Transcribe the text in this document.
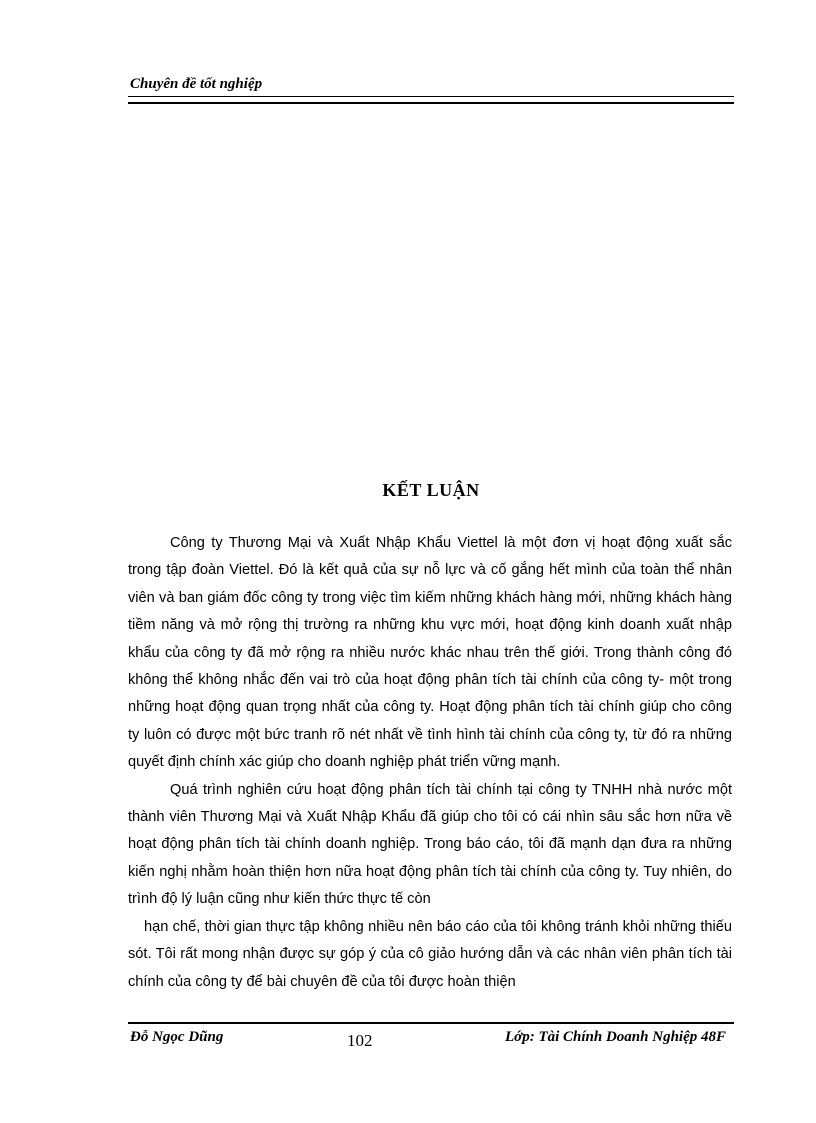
Chuyên đề tốt nghiệp
KẾT LUẬN

Công ty Thương Mại và Xuất Nhập Khẩu Viettel là một đơn vị hoạt động xuất sắc trong tập đoàn Viettel. Đó là kết quả của sự nỗ lực và cố gắng hết mình của toàn thể nhân viên và ban giám đốc công ty trong việc tìm kiếm những khách hàng mới, những khách hàng tiềm năng và mở rộng thị trường ra những khu vực mới, hoạt động kinh doanh xuất nhập khẩu của công ty đã mở rộng ra nhiều nước khác nhau trên thế giới. Trong thành công đó không thể không nhắc đến vai trò của hoạt động phân tích tài chính của công ty- một trong những hoạt động quan trọng nhất của công ty. Hoạt động phân tích tài chính giúp cho công ty luôn có được một bức tranh rõ nét nhất về tình hình tài chính của công ty, từ đó ra những quyết định chính xác giúp cho doanh nghiệp phát triển vững mạnh.

Quá trình nghiên cứu hoạt động phân tích tài chính tại công ty TNHH nhà nước một thành viên Thương Mại và Xuất Nhập Khẩu đã giúp cho tôi có cái nhìn sâu sắc hơn nữa về hoạt động phân tích tài chính doanh nghiệp. Trong báo cáo, tôi đã mạnh dạn đưa ra những kiến nghị nhằm hoàn thiện hơn nữa hoạt động phân tích tài chính của công ty. Tuy nhiên, do trình độ lý luận cũng như kiến thức thực tế còn

hạn chế, thời gian thực tập không nhiều nên báo cáo của tôi không tránh khỏi những thiếu sót. Tôi rất mong nhận được sự góp ý của cô giảo hướng dẫn và các nhân viên phân tích tài chính của công ty để bài chuyên đề của tôi được hoàn thiện

Đỗ Ngọc Dũng	102	Lớp: Tài Chính Doanh Nghiệp 48F
